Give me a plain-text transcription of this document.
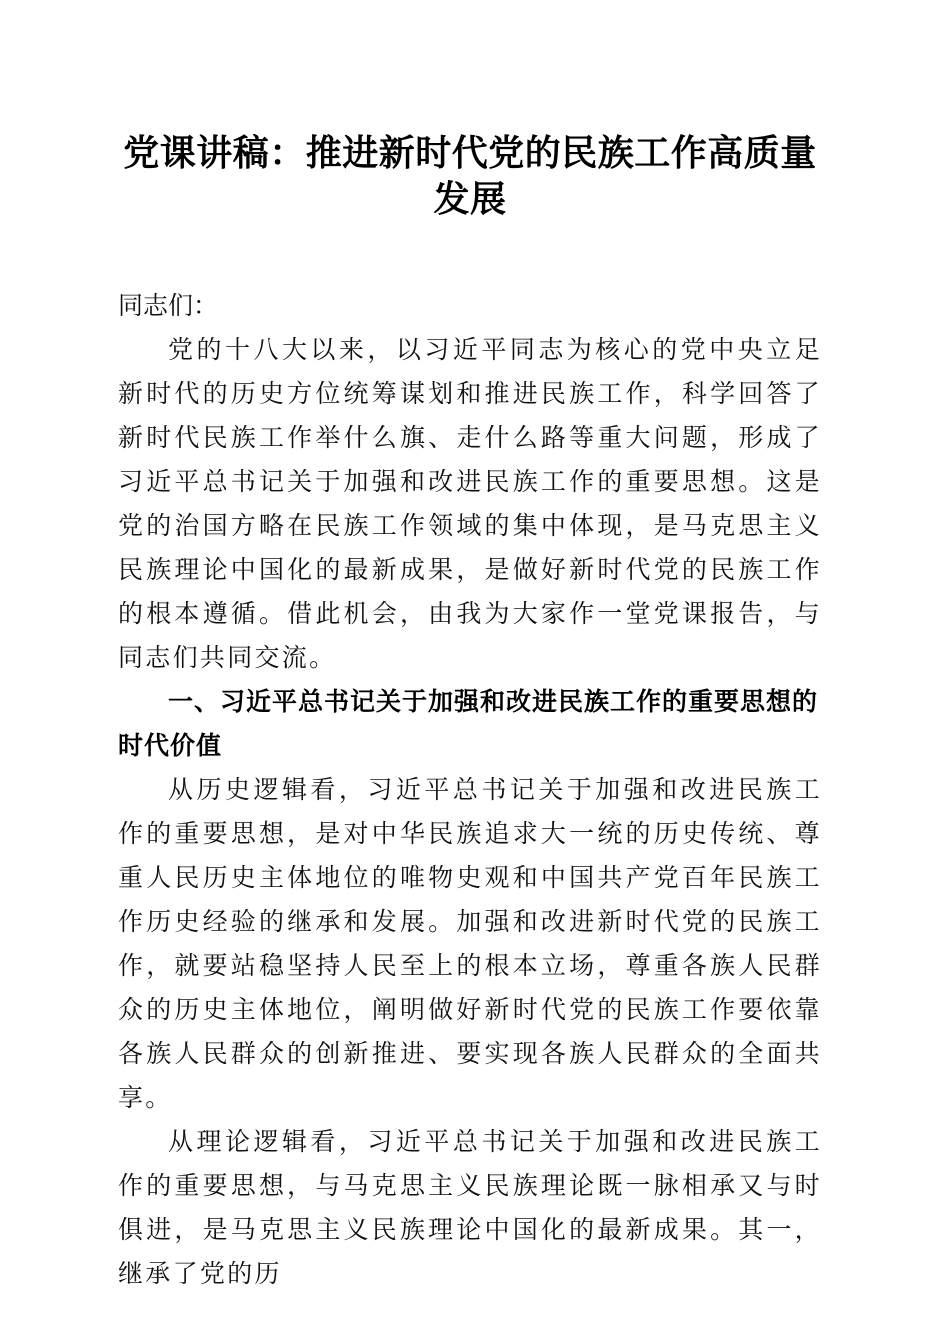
党课讲稿：推进新时代党的民族工作高质量发展

同志们：

党的十八大以来，以习近平同志为核心的党中央立足新时代的历史方位统筹谋划和推进民族工作，科学回答了新时代民族工作举什么旗、走什么路等重大问题，形成了习近平总书记关于加强和改进民族工作的重要思想。这是党的治国方略在民族工作领域的集中体现，是马克思主义民族理论中国化的最新成果，是做好新时代党的民族工作的根本遵循。借此机会，由我为大家作一堂党课报告，与同志们共同交流。

一、习近平总书记关于加强和改进民族工作的重要思想的时代价值

从历史逻辑看，习近平总书记关于加强和改进民族工作的重要思想，是对中华民族追求大一统的历史传统、尊重人民历史主体地位的唯物史观和中国共产党百年民族工作历史经验的继承和发展。加强和改进新时代党的民族工作，就要站稳坚持人民至上的根本立场，尊重各族人民群众的历史主体地位，阐明做好新时代党的民族工作要依靠各族人民群众的创新推进、要实现各族人民群众的全面共享。

从理论逻辑看，习近平总书记关于加强和改进民族工作的重要思想，与马克思主义民族理论既一脉相承又与时俱进，是马克思主义民族理论中国化的最新成果。其一，继承了党的历
